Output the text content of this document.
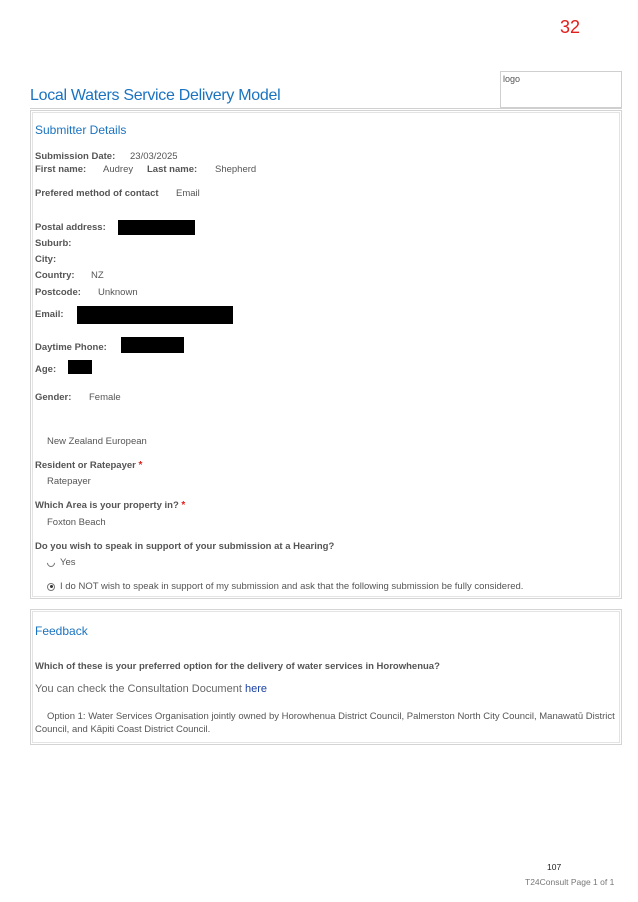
32
logo
Local Waters Service Delivery Model
Submitter Details
Submission Date: 23/03/2025
First name: Audrey Last name: Shepherd
Prefered method of contact Email
Postal address:
Suburb:
City:
Country: NZ
Postcode: Unknown
Email:
Daytime Phone:
Age:
Gender: Female
New Zealand European
Resident or Ratepayer *
Ratepayer
Which Area is your property in? *
Foxton Beach
Do you wish to speak in support of your submission at a Hearing?
Yes
I do NOT wish to speak in support of my submission and ask that the following submission be fully considered.
Feedback
Which of these is your preferred option for the delivery of water services in Horowhenua?
You can check the Consultation Document here
Option 1: Water Services Organisation jointly owned by Horowhenua District Council, Palmerston North City Council, Manawatū District Council, and Kāpiti Coast District Council.
107
T24Consult Page 1 of 1
